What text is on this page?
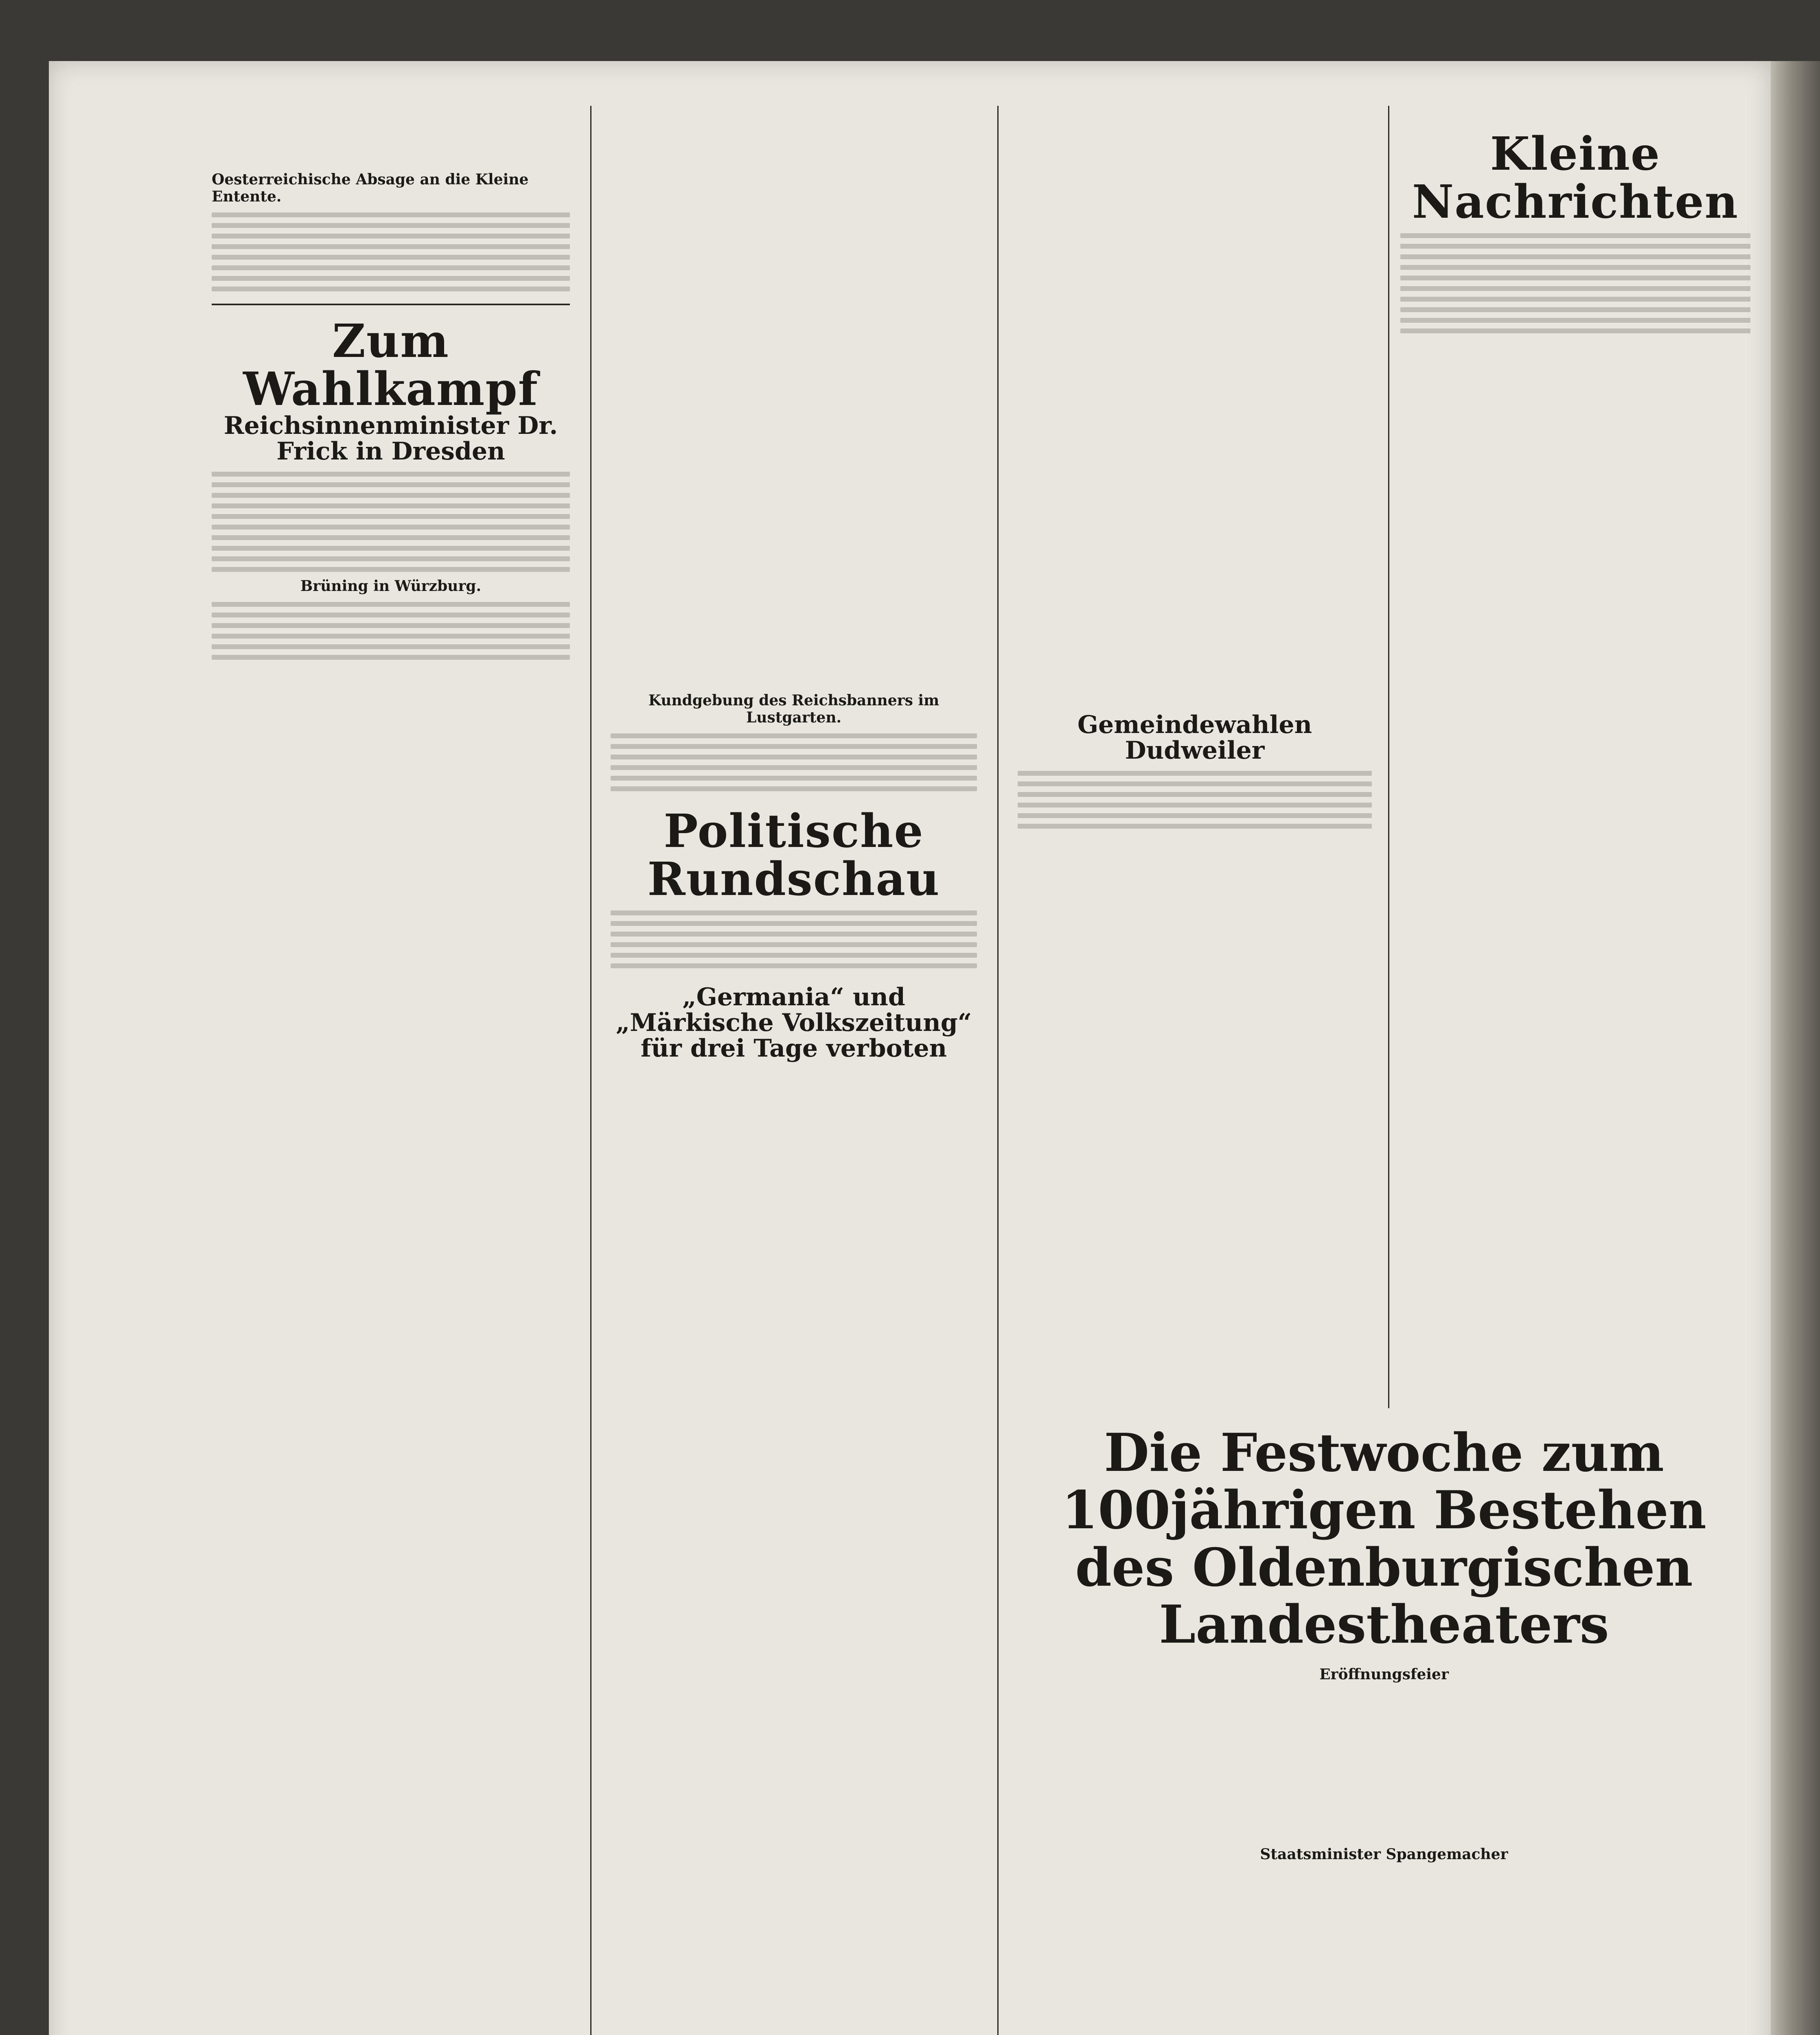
Oesterreichische Absage an die Kleine Entente.
Zum Wahlkampf
Reichsinnenminister Dr. Frick in Dresden
Brüning in Würzburg.
Kundgebung des Reichsbanners im Lustgarten.
Politische Rundschau
„Germania“ und „Märkische Volkszeitung“ für drei Tage verboten
Gemeindewahlen Dudweiler
Kleine Nachrichten
Die Festwoche zum 100jährigen Bestehen des Oldenburgischen Landestheaters
Eröffnungsfeier
Staatsminister Spangemacher
